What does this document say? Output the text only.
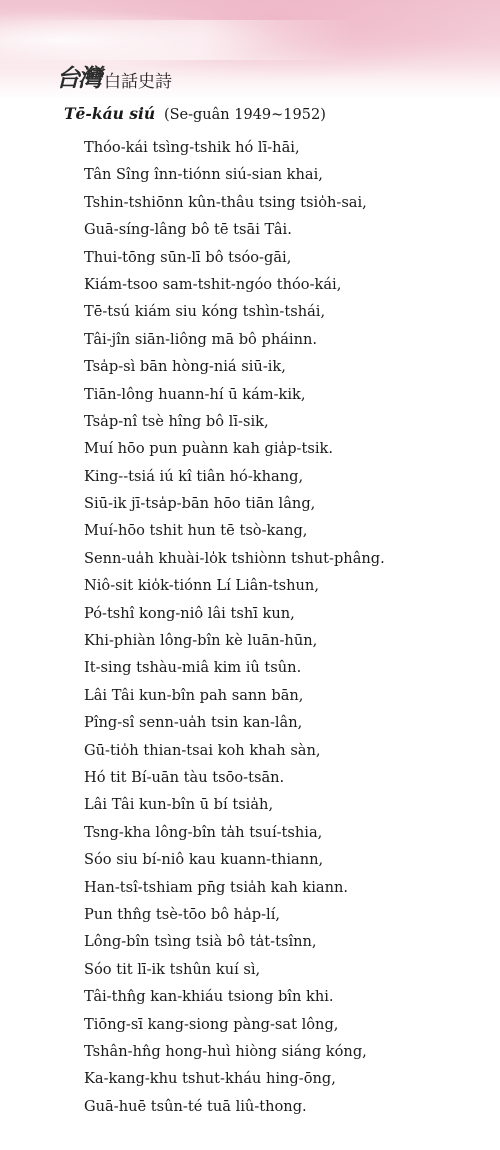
台灣 白話史詩
Tē-káu siú (Se-guân 1949~1952)
Thóo-kái tsìng-tshik hó lī-hāi,
Tân Sîng înn-tiónn siú-sian khai,
Tshin-tshiōnn kûn-thâu tsing tsio̍h-sai,
Guā-síng-lâng bô tē tsāi Tâi.
Thui-tōng sūn-lī bô tsóo-gāi,
Kiám-tsoo sam-tshit-ngóo thóo-kái,
Tē-tsú kiám siu kóng tshìn-tshái,
Tâi-jîn siān-liông mā bô pháinn.
Tsa̍p-sì bān hòng-niá siū-ik,
Tiān-lông huann-hí ū kám-kik,
Tsa̍p-nî tsè hîng bô lī-sik,
Muí hōo pun puànn kah gia̍p-tsik.
King--tsiá iú kî tiân hó-khang,
Siū-ik jī-tsa̍p-bān hōo tiān lâng,
Muí-hōo tshit hun tē tsò-kang,
Senn-ua̍h khuài-lo̍k tshiònn tshut-phâng.
Niô-sit kio̍k-tiónn Lí Liân-tshun,
Pó-tshî kong-niô lâi tshī kun,
Khi-phiàn lông-bîn kè luān-hūn,
It-sing tshàu-miâ kim iû tsûn.
Lâi Tâi kun-bîn pah sann bān,
Pîng-sî senn-ua̍h tsin kan-lân,
Gū-tio̍h thian-tsai koh khah sàn,
Hó tit Bí-uān tàu tsōo-tsān.
Lâi Tâi kun-bîn ū bí tsia̍h,
Tsng-kha lông-bîn ta̍h tsuí-tshia,
Sóo siu bí-niô kau kuann-thiann,
Han-tsî-tshiam pn̄g tsia̍h kah kiann.
Pun thn̂g tsè-tōo bô ha̍p-lí,
Lông-bîn tsìng tsià bô ta̍t-tsînn,
Sóo tit lī-ik tshûn kuí sì,
Tâi-thn̂g kan-khiáu tsiong bîn khi.
Tiōng-sī kang-siong pàng-sat lông,
Tshân-hn̂g hong-huì hiòng siáng kóng,
Ka-kang-khu tshut-kháu hing-ōng,
Guā-huē tsûn-té tuā liû-thong.
